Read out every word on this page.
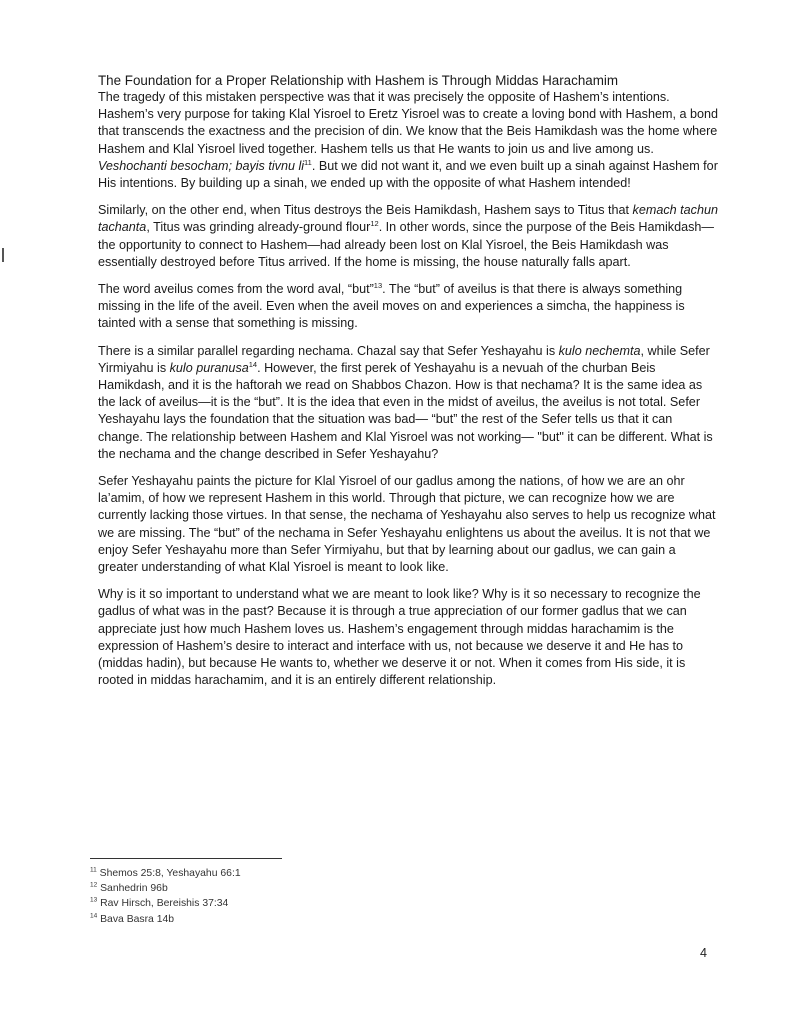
The Foundation for a Proper Relationship with Hashem is Through Middas Harachamim

The tragedy of this mistaken perspective was that it was precisely the opposite of Hashem’s intentions. Hashem’s very purpose for taking Klal Yisroel to Eretz Yisroel was to create a loving bond with Hashem, a bond that transcends the exactness and the precision of din. We know that the Beis Hamikdash was the home where Hashem and Klal Yisroel lived together. Hashem tells us that He wants to join us and live among us. Veshochanti besocham; bayis tivnu $li^{11}$. But we did not want it, and we even built up a sinah against Hashem for His intentions. By building up a sinah, we ended up with the opposite of what Hashem intended!

Similarly, on the other end, when Titus destroys the Beis Hamikdash, Hashem says to Titus that kemach tachun tachanta, Titus was grinding already-ground flour$^{12}$. In other words, since the purpose of the Beis Hamikdash—the opportunity to connect to Hashem—had already been lost on Klal Yisroel, the Beis Hamikdash was essentially destroyed before Titus arrived. If the home is missing, the house naturally falls apart.

The word aveilus comes from the word aval, “but”$^{13}$. The “but” of aveilus is that there is always something missing in the life of the aveil. Even when the aveil moves on and experiences a simcha, the happiness is tainted with a sense that something is missing.

There is a similar parallel regarding nechama. Chazal say that Sefer Yeshayahu is kulo nechemta, while Sefer Yirmiyahu is kulo puranusa$^{14}$. However, the first perek of Yeshayahu is a nevuah of the churban Beis Hamikdash, and it is the haftorah we read on Shabbos Chazon. How is that nechama? It is the same idea as the lack of aveilus—it is the “but”. It is the idea that even in the midst of aveilus, the aveilus is not total. Sefer Yeshayahu lays the foundation that the situation was bad— “but” the rest of the Sefer tells us that it can change. The relationship between Hashem and Klal Yisroel was not working— "but" it can be different. What is the nechama and the change described in Sefer Yeshayahu?

Sefer Yeshayahu paints the picture for Klal Yisroel of our gadlus among the nations, of how we are an ohr la’amim, of how we represent Hashem in this world. Through that picture, we can recognize how we are currently lacking those virtues. In that sense, the nechama of Yeshayahu also serves to help us recognize what we are missing. The “but” of the nechama in Sefer Yeshayahu enlightens us about the aveilus. It is not that we enjoy Sefer Yeshayahu more than Sefer Yirmiyahu, but that by learning about our gadlus, we can gain a greater understanding of what Klal Yisroel is meant to look like.

Why is it so important to understand what we are meant to look like? Why is it so necessary to recognize the gadlus of what was in the past? Because it is through a true appreciation of our former gadlus that we can appreciate just how much Hashem loves us. Hashem’s engagement through middas harachamim is the expression of Hashem’s desire to interact and interface with us, not because we deserve it and He has to (middas hadin), but because He wants to, whether we deserve it or not. When it comes from His side, it is rooted in middas harachamim, and it is an entirely different relationship.

$^{11}$ Shemos 25:8, Yeshayahu 66:1
$^{12}$ Sanhedrin 96b
$^{13}$ Rav Hirsch, Bereishis 37:34
$^{14}$ Bava Basra 14b
4
